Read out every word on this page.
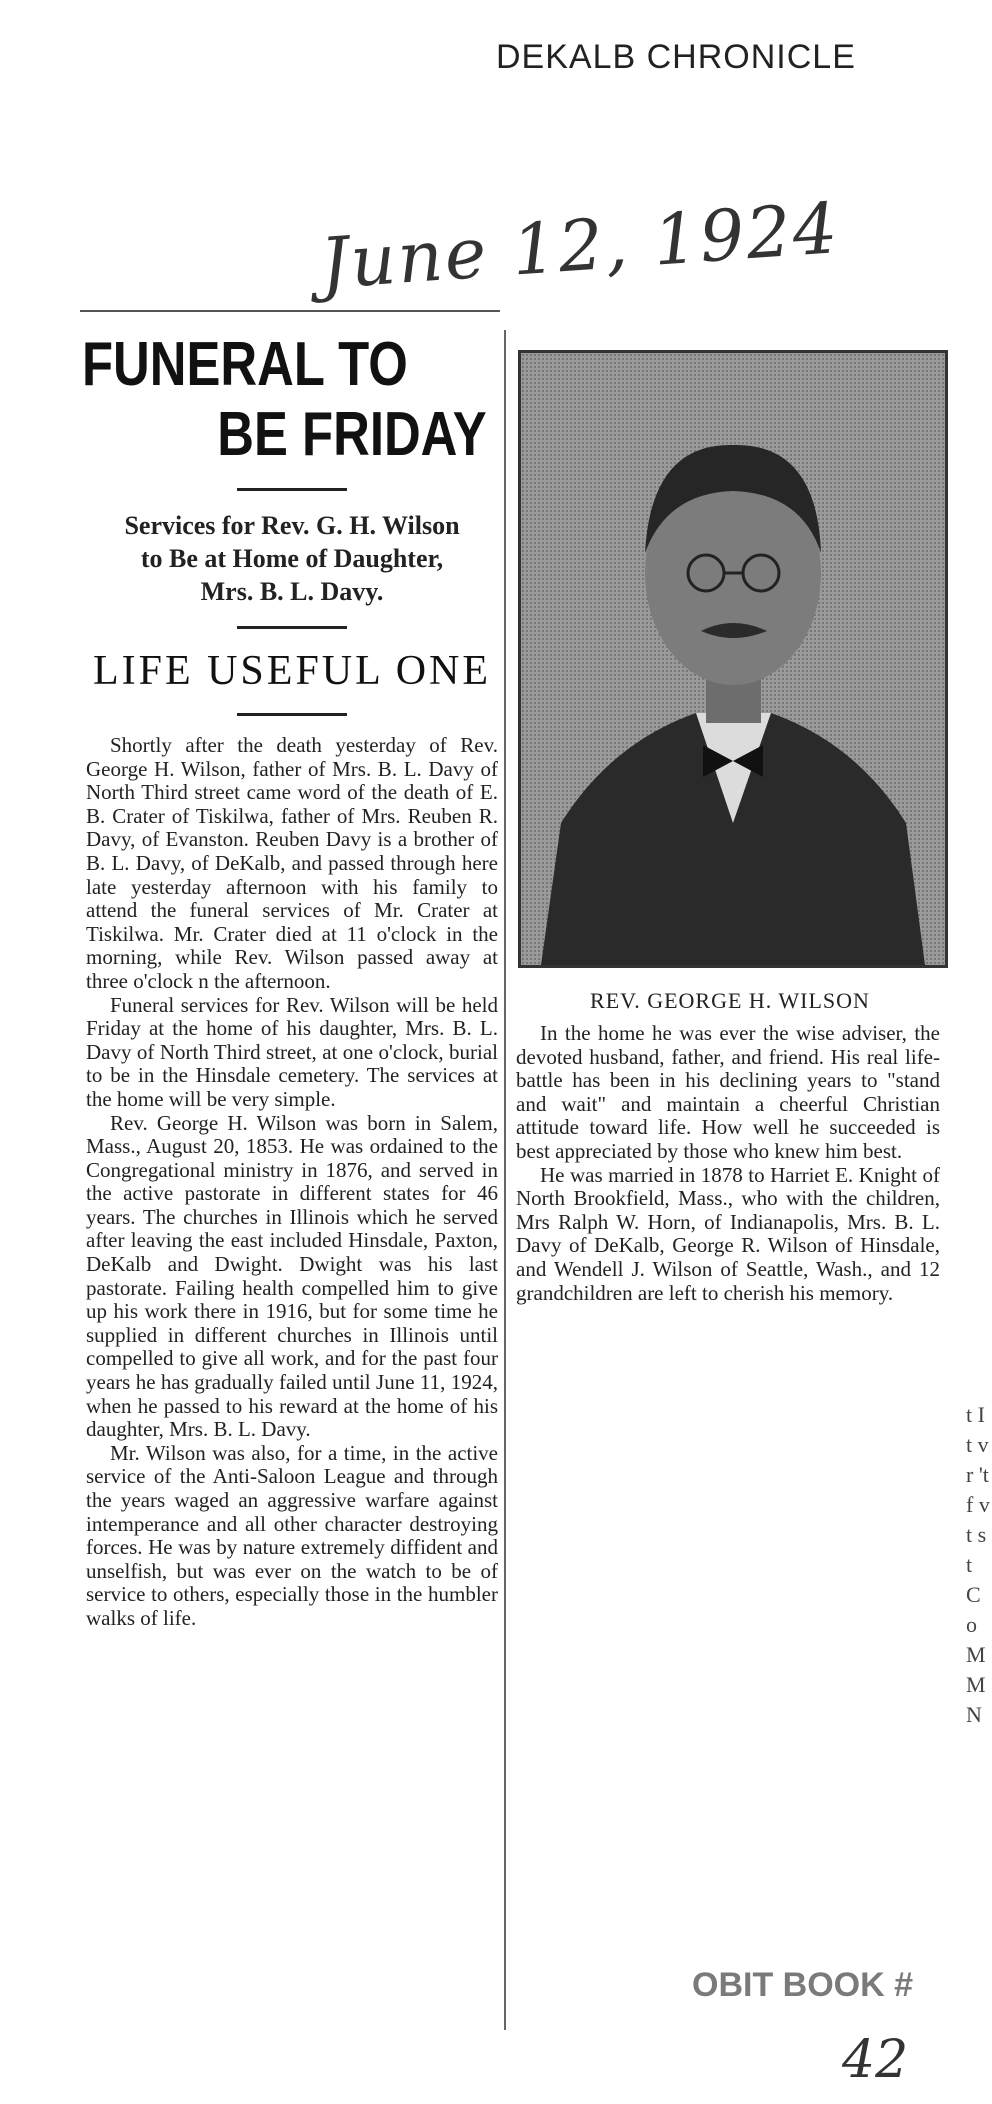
DEKALB CHRONICLE
June 12, 1924
FUNERAL TO
BE FRIDAY
Services for Rev. G. H. Wilson
to Be at Home of Daughter,
Mrs. B. L. Davy.
LIFE USEFUL ONE

Shortly after the death yesterday of Rev. George H. Wilson, father of Mrs. B. L. Davy of North Third street came word of the death of E. B. Crater of Tiskilwa, father of Mrs. Reuben R. Davy, of Evanston. Reuben Davy is a brother of B. L. Davy, of DeKalb, and passed through here late yesterday afternoon with his family to attend the funeral services of Mr. Crater at Tiskilwa. Mr. Crater died at 11 o'clock in the morning, while Rev. Wilson passed away at three o'clock n the afternoon.

Funeral services for Rev. Wilson will be held Friday at the home of his daughter, Mrs. B. L. Davy of North Third street, at one o'clock, burial to be in the Hinsdale cemetery. The services at the home will be very simple.

Rev. George H. Wilson was born in Salem, Mass., August 20, 1853. He was ordained to the Congregational ministry in 1876, and served in the active pastorate in different states for 46 years. The churches in Illinois which he served after leaving the east included Hinsdale, Paxton, DeKalb and Dwight. Dwight was his last pastorate. Failing health compelled him to give up his work there in 1916, but for some time he supplied in different churches in Illinois until compelled to give all work, and for the past four years he has gradually failed until June 11, 1924, when he passed to his reward at the home of his daughter, Mrs. B. L. Davy.

Mr. Wilson was also, for a time, in the active service of the Anti-Saloon League and through the years waged an aggressive warfare against intemperance and all other character destroying forces. He was by nature extremely diffident and unselfish, but was ever on the watch to be of service to others, especially those in the humbler walks of life.

REV. GEORGE H. WILSON

In the home he was ever the wise adviser, the devoted husband, father, and friend. His real life-battle has been in his declining years to "stand and wait" and maintain a cheerful Christian attitude toward life. How well he succeeded is best appreciated by those who knew him best.

He was married in 1878 to Harriet E. Knight of North Brookfield, Mass., who with the children, Mrs Ralph W. Horn, of Indianapolis, Mrs. B. L. Davy of DeKalb, George R. Wilson of Hinsdale, and Wendell J. Wilson of Seattle, Wash., and 12 grandchildren are left to cherish his memory.

OBIT BOOK #
42
t I t v r 't f v t s t C o M M N
